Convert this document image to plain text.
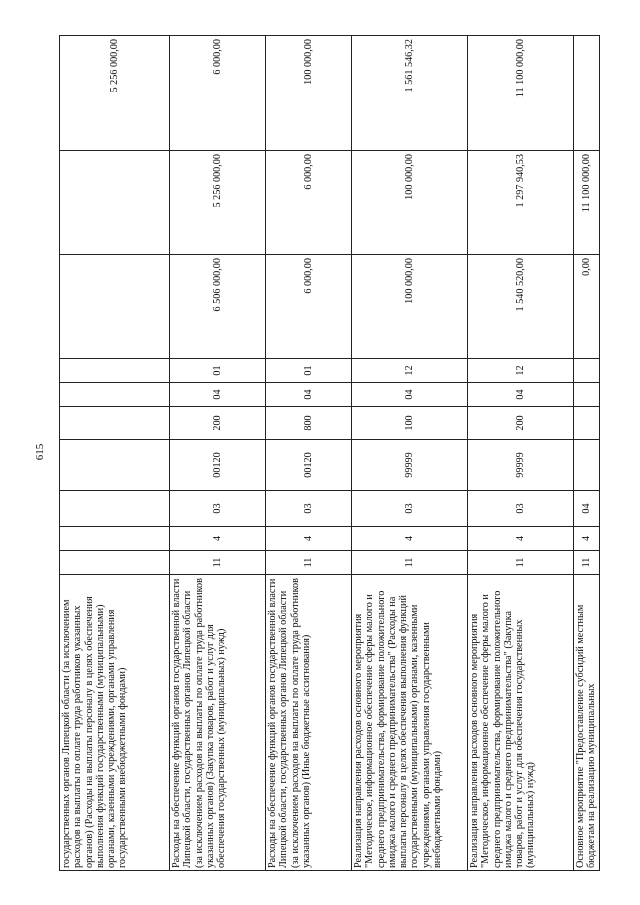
615
государственных органов Липецкой области (за исключением расходов на выплаты по оплате труда работников указанных органов) (Расходы на выплаты персоналу в целях обеспечения выполнения функций государственными (муниципальными) органами, казенными учреждениями, органами управления государственными внебюджетными фондами)										5 256 000,00
Расходы на обеспечение функций органов государственной власти Липецкой области, государственных органов Липецкой области (за исключением расходов на выплаты по оплате труда работников указанных органов) (Закупка товаров, работ и услуг для обеспечения государственных (муниципальных) нужд)	11	4	03	00120	200	04	01	6 506 000,00	5 256 000,00	6 000,00
Расходы на обеспечение функций органов государственной власти Липецкой области, государственных органов Липецкой области (за исключением расходов на выплаты по оплате труда работников указанных органов) (Иные бюджетные ассигнования)	11	4	03	00120	800	04	01	6 000,00	6 000,00	100 000,00
Реализация направления расходов основного мероприятия "Методическое, информационное обеспечение сферы малого и среднего предпринимательства, формирование положительного имиджа малого и среднего предпринимательства" (Расходы на выплаты персоналу в целях обеспечения выполнения функций государственными (муниципальными) органами, казенными учреждениями, органами управления государственными внебюджетными фондами)	11	4	03	99999	100	04	12	100 000,00	100 000,00	1 561 546,32
Реализация направления расходов основного мероприятия "Методическое, информационное обеспечение сферы малого и среднего предпринимательства, формирование положительного имиджа малого и среднего предпринимательства" (Закупка товаров, работ и услуг для обеспечения государственных (муниципальных) нужд)	11	4	03	99999	200	04	12	1 540 520,00	1 297 940,53	11 100 000,00
Основное мероприятие "Предоставление субсидий местным бюджетам на реализацию муниципальных	11	4	04					0,00	11 100 000,00	
